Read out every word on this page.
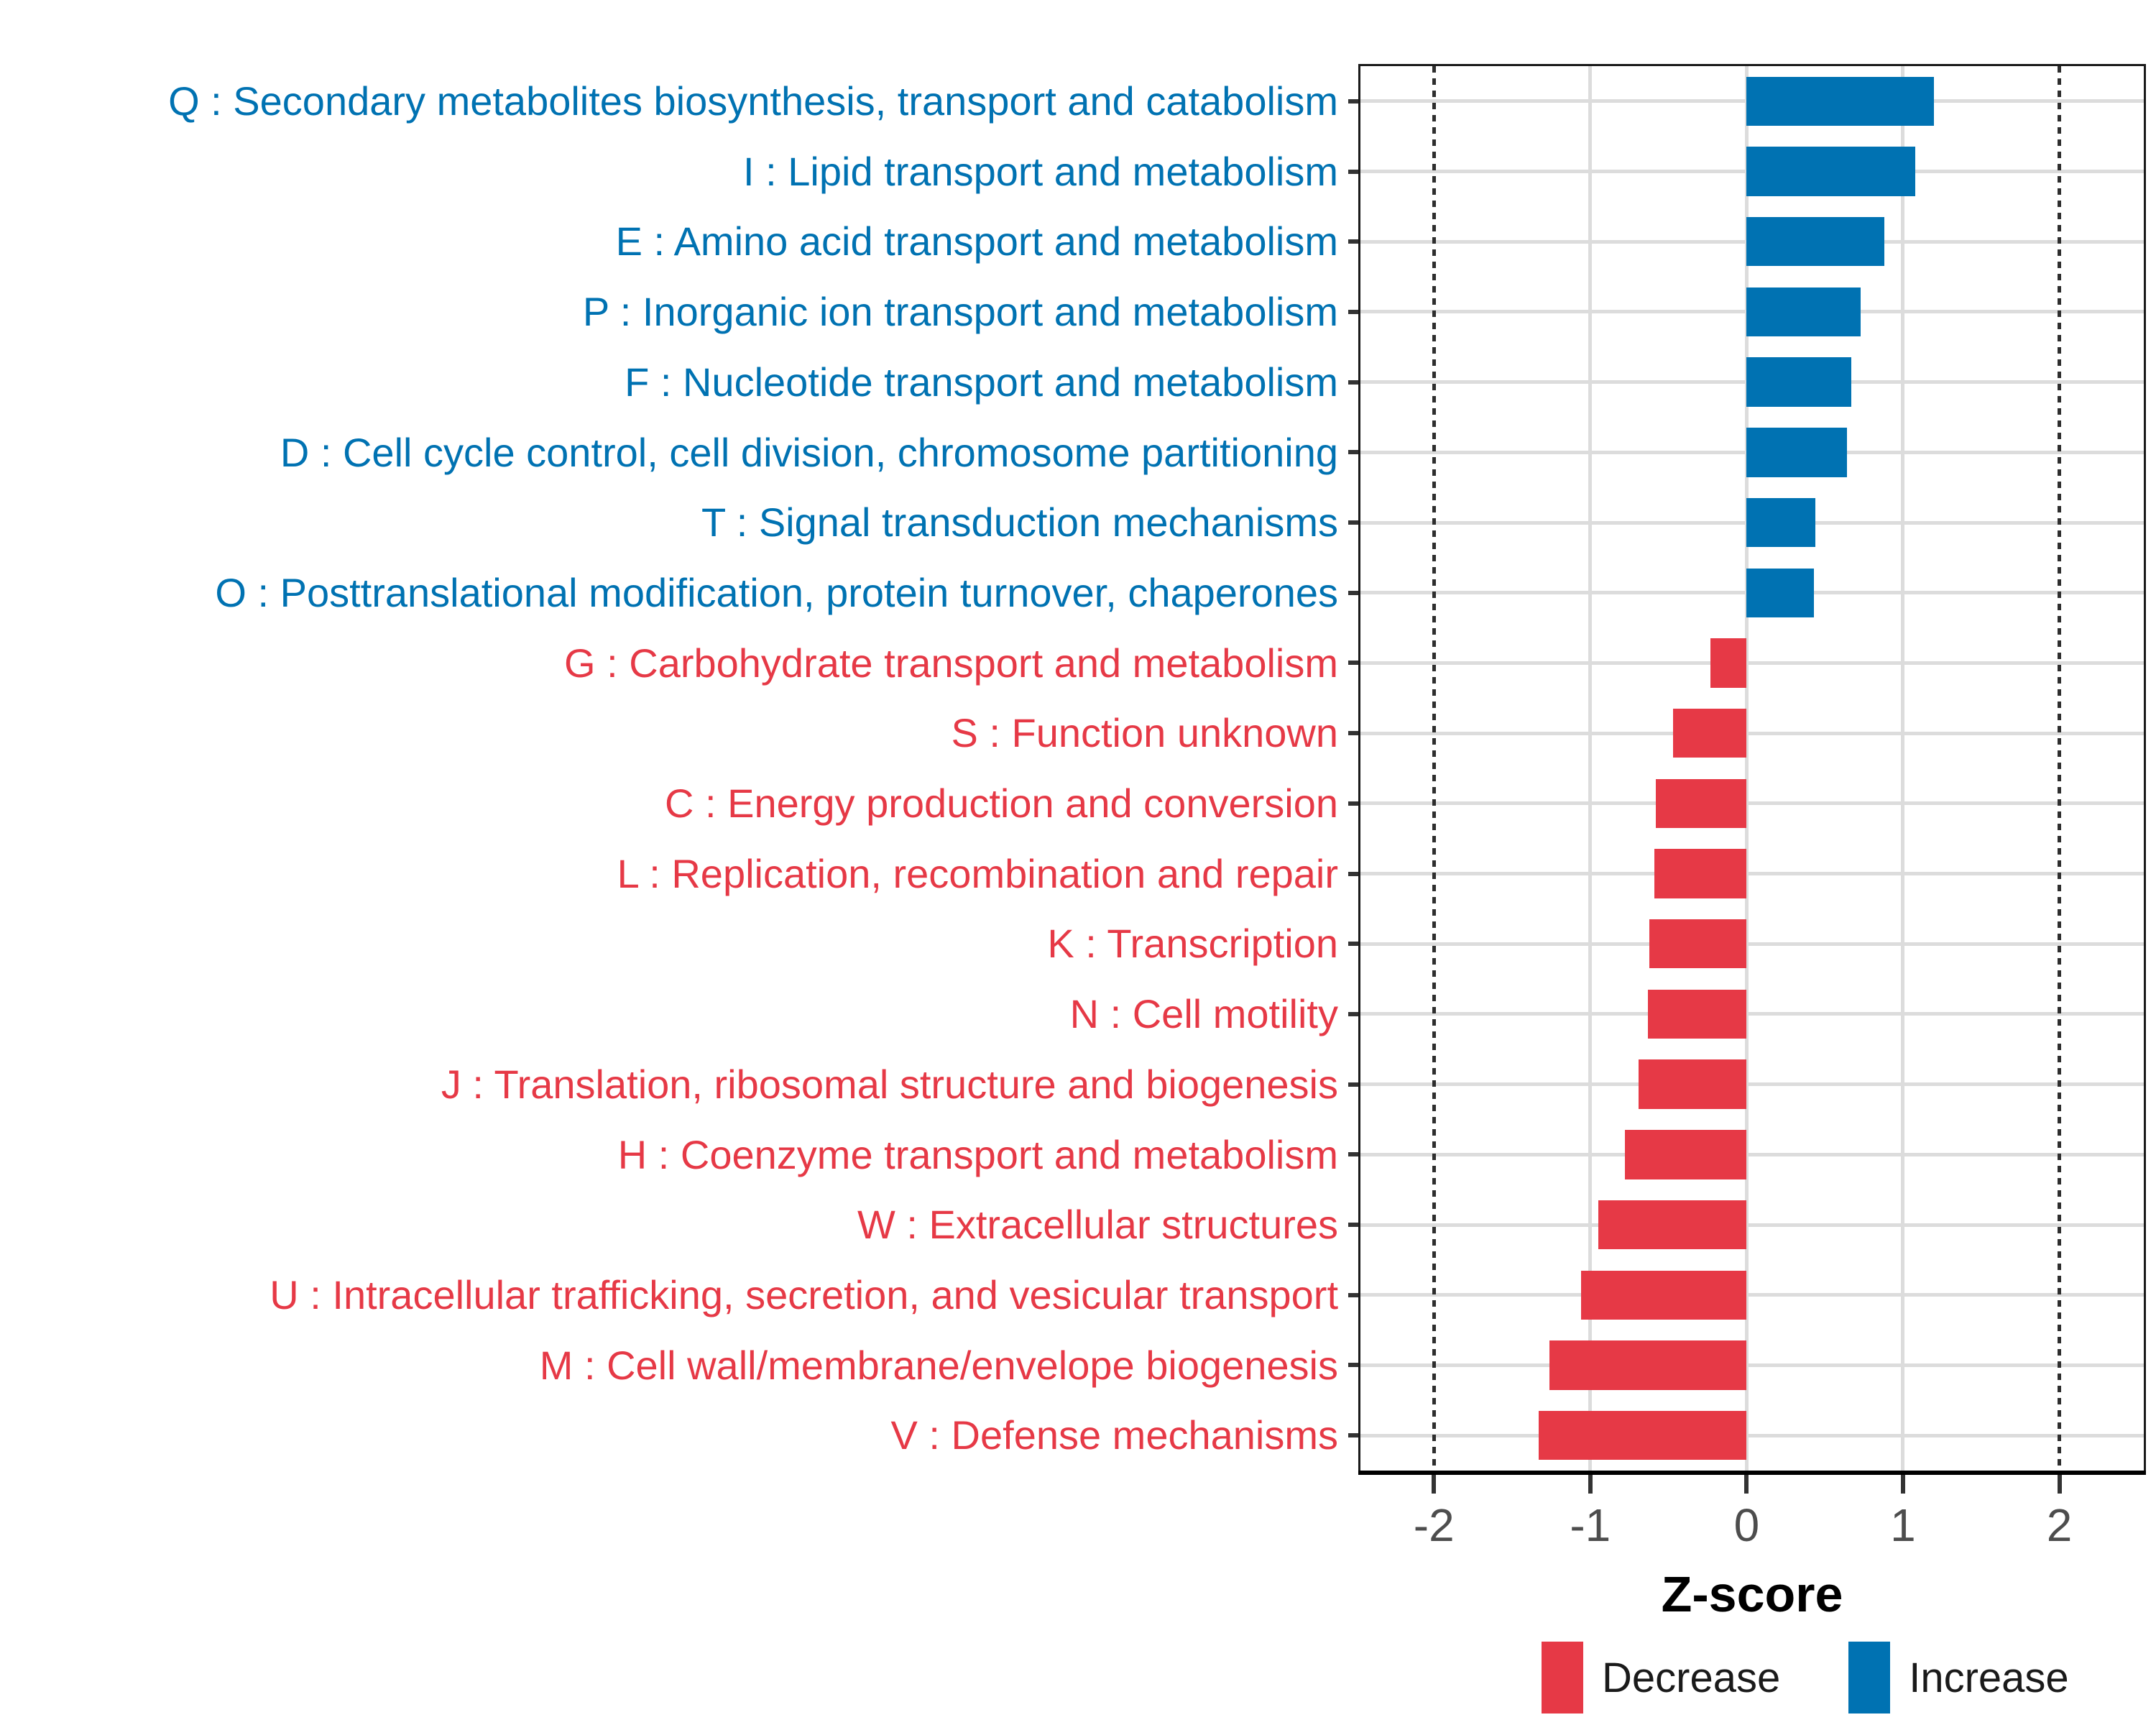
Z-score
Decrease	Increase
Q : Secondary metabolites biosynthesis, transport and catabolism
I : Lipid transport and metabolism
E : Amino acid transport and metabolism
P : Inorganic ion transport and metabolism
F : Nucleotide transport and metabolism
D : Cell cycle control, cell division, chromosome partitioning
T : Signal transduction mechanisms
O : Posttranslational modification, protein turnover, chaperones
G : Carbohydrate transport and metabolism
S : Function unknown
C : Energy production and conversion
L : Replication, recombination and repair
K : Transcription
N : Cell motility
J : Translation, ribosomal structure and biogenesis
H : Coenzyme transport and metabolism
W : Extracellular structures
U : Intracellular trafficking, secretion, and vesicular transport
M : Cell wall/membrane/envelope biogenesis
V : Defense mechanisms
-2	-1	0	1	2
